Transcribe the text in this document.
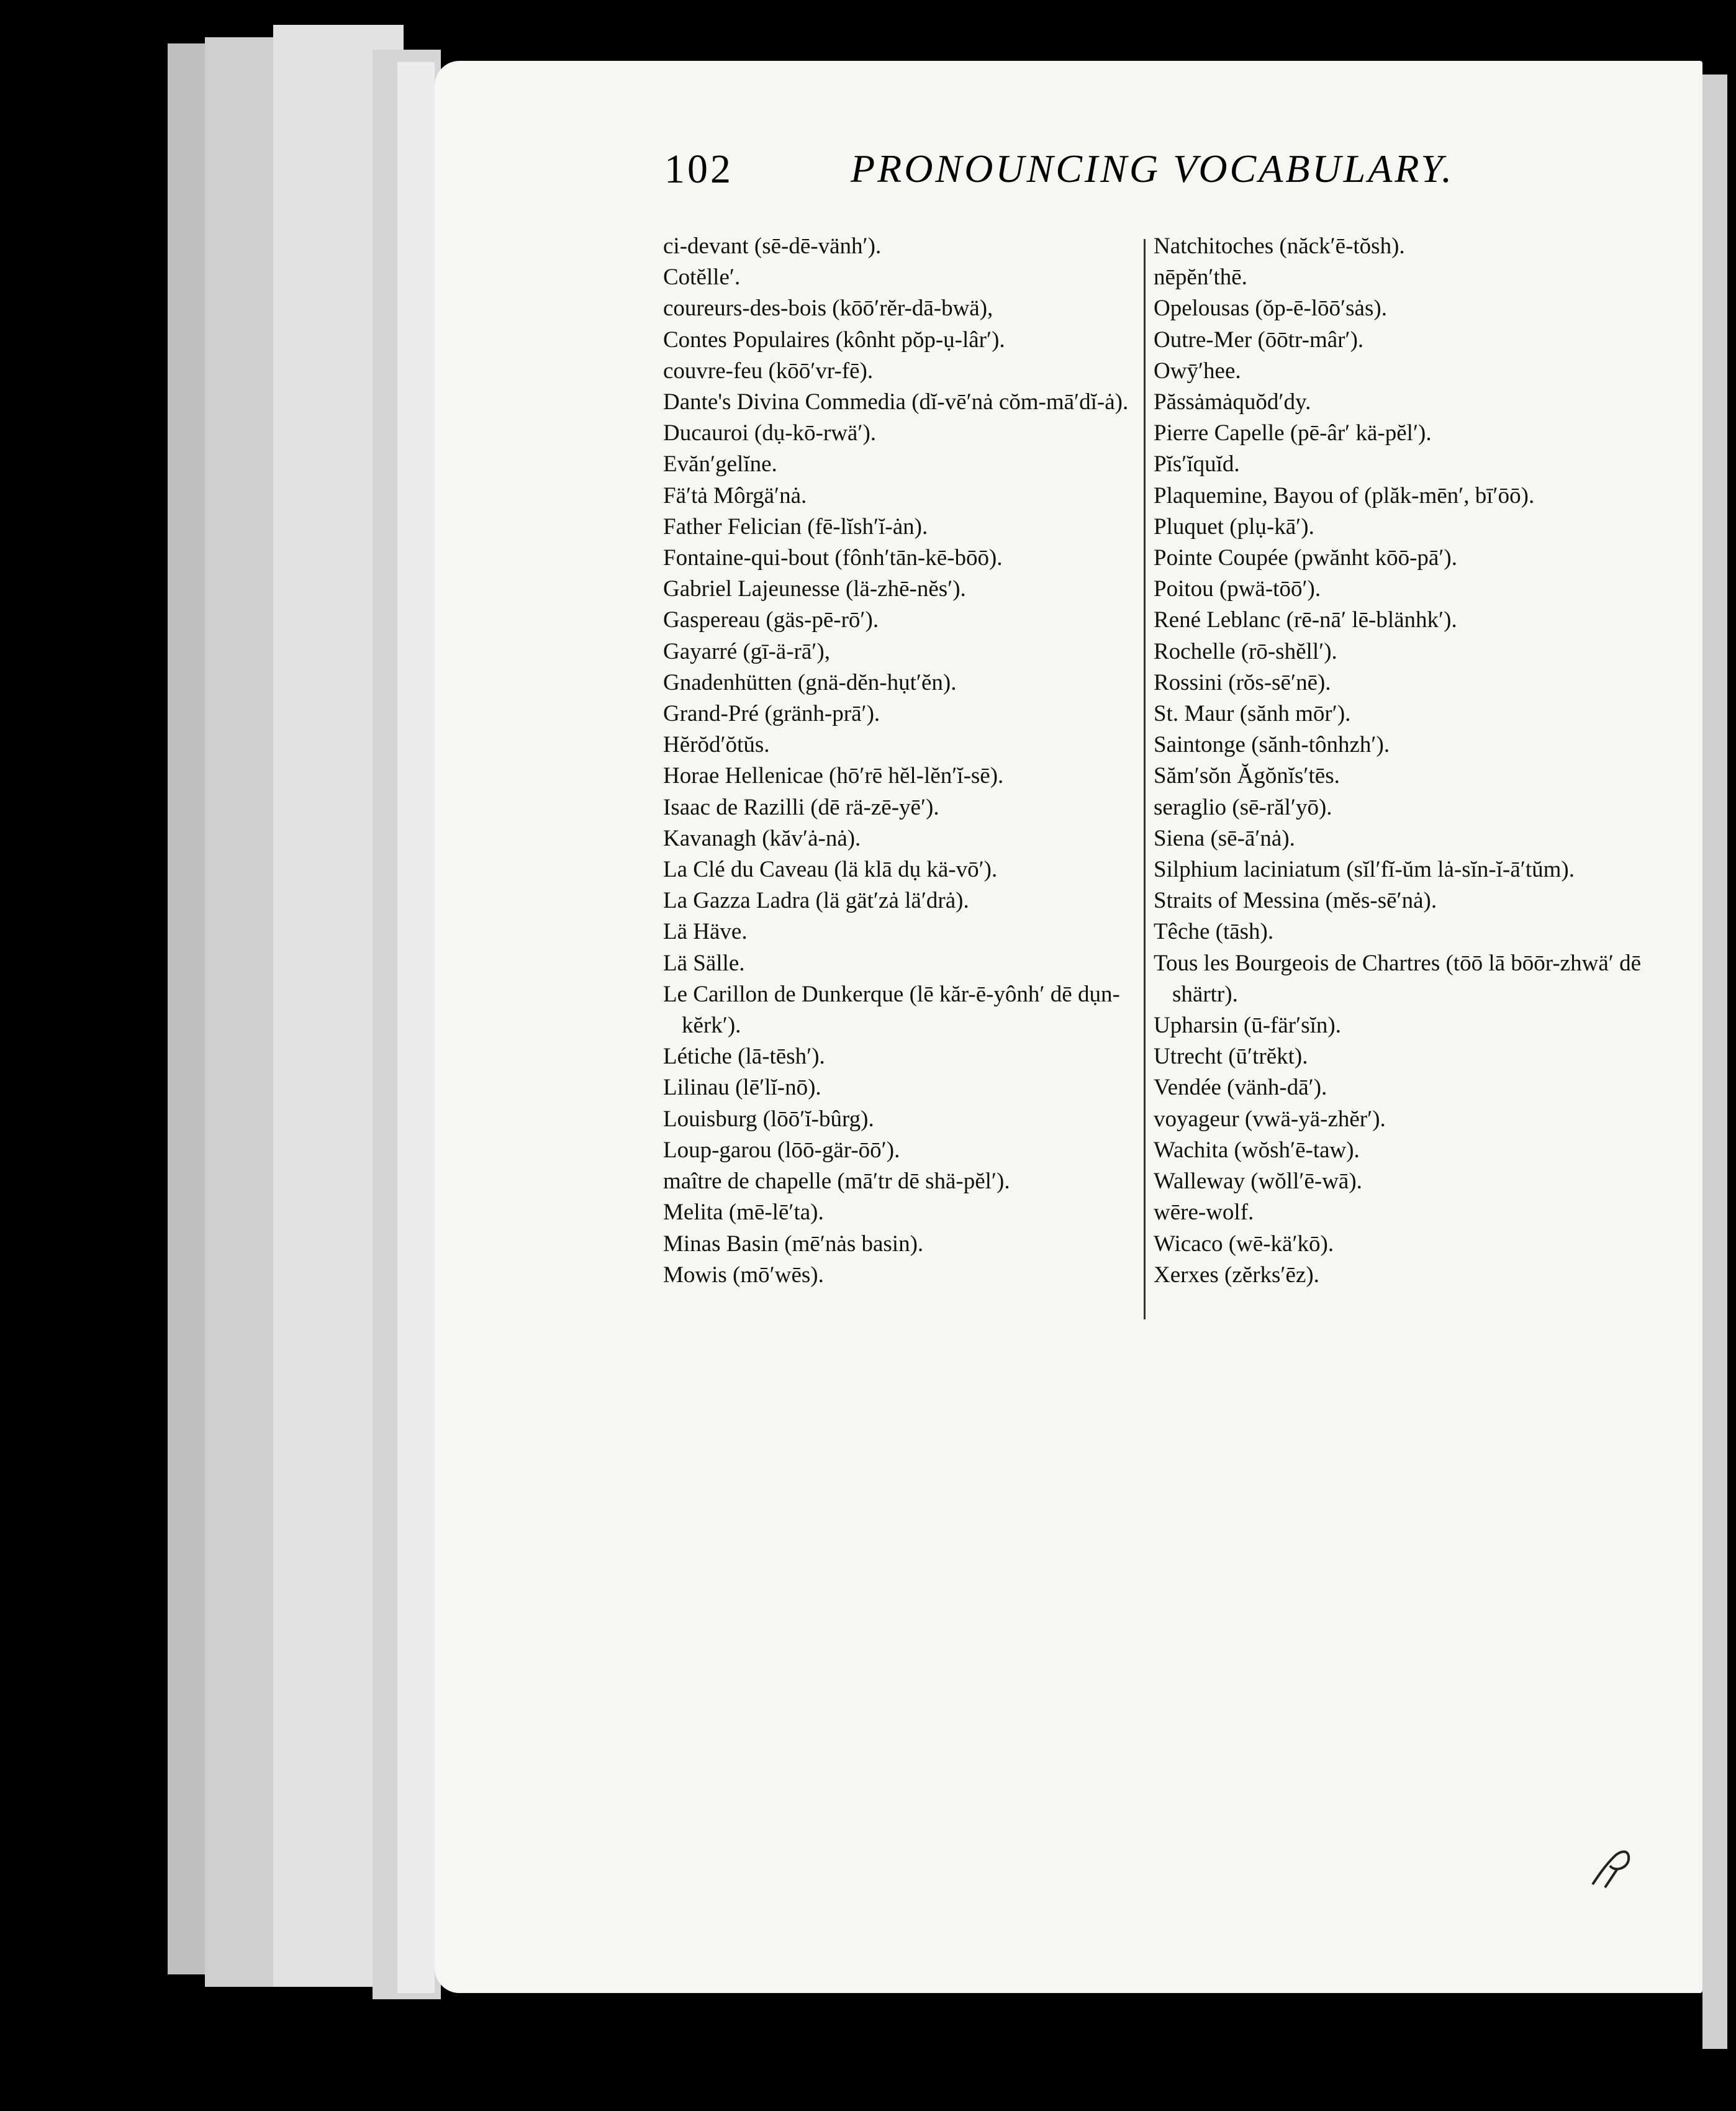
102	PRONOUNCING VOCABULARY.
ci-devant (sē-dē-vänh′).
Cotĕlle′.
coureurs-des-bois (kōō′rĕr-dā-bwä),
Contes Populaires (kônht pŏp-ụ-lâr′).
couvre-feu (kōō′vr-fē).
Dante's Divina Commedia (dĭ-vē′nȧ cŏm-mā′dĭ-ȧ).
Ducauroi (dụ-kō-rwä′).
Evăn′gelĭne.
Fä′tȧ Môrgä′nȧ.
Father Felician (fē-lĭsh′ĭ-ȧn).
Fontaine-qui-bout (fônh′tān-kē-bōō).
Gabriel Lajeunesse (lä-zhē-nĕs′).
Gaspereau (gäs-pē-rō′).
Gayarré (gī-ä-rā′),
Gnadenhütten (gnä-dĕn-hụt′ĕn).
Grand-Pré (gränh-prā′).
Hĕrŏd′ŏtŭs.
Horae Hellenicae (hō′rē hĕl-lĕn′ĭ-sē).
Isaac de Razilli (dē rä-zē-yē′).
Kavanagh (kăv′ȧ-nȧ).
La Clé du Caveau (lä klā dụ kä-vō′).
La Gazza Ladra (lä gät′zȧ lä′drȧ).
Lä Häve.
Lä Sälle.
Le Carillon de Dunkerque (lē kăr-ē-yônh′ dē dụn-kĕrk′).
Létiche (lā-tēsh′).
Lilinau (lē′lĭ-nō).
Louisburg (lōō′ĭ-bûrg).
Loup-garou (lōō-gär-ōō′).
maître de chapelle (mā′tr dē shä-pĕl′).
Melita (mē-lē′ta).
Minas Basin (mē′nȧs basin).
Mowis (mō′wēs).
Natchitoches (năck′ē-tŏsh).
nēpĕn′thē.
Opelousas (ŏp-ē-lōō′sȧs).
Outre-Mer (ōōtr-mâr′).
Owȳ′hee.
Păssȧmȧquŏd′dy.
Pierre Capelle (pē-âr′ kä-pĕl′).
Pĭs′ĭquĭd.
Plaquemine, Bayou of (plăk-mēn′, bī′ōō).
Pluquet (plụ-kā′).
Pointe Coupée (pwănht kōō-pā′).
Poitou (pwä-tōō′).
René Leblanc (rē-nā′ lē-blänhk′).
Rochelle (rō-shĕll′).
Rossini (rŏs-sē′nē).
St. Maur (sănh mōr′).
Saintonge (sănh-tônhzh′).
Săm′sŏn Ăgŏnĭs′tēs.
seraglio (sē-răl′yō).
Siena (sē-ā′nȧ).
Silphium laciniatum (sĭl′fĭ-ŭm lȧ-sĭn-ĭ-ā′tŭm).
Straits of Messina (mĕs-sē′nȧ).
Têche (tāsh).
Tous les Bourgeois de Chartres (tōō lā bōōr-zhwä′ dē shärtr).
Upharsin (ū-fär′sĭn).
Utrecht (ū′trĕkt).
Vendée (vänh-dā′).
voyageur (vwä-yä-zhĕr′).
Wachita (wŏsh′ē-taw).
Walleway (wŏll′ē-wā).
wēre-wolf.
Wicaco (wē-kä′kō).
Xerxes (zĕrks′ēz).
